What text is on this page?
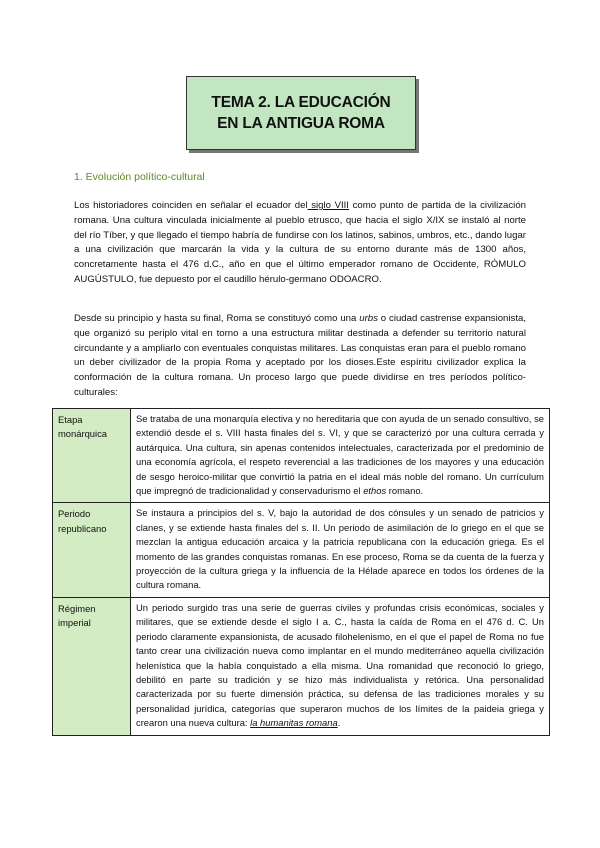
TEMA 2. LA EDUCACIÓN
EN LA ANTIGUA ROMA
1. Evolución político-cultural

Los historiadores coinciden en señalar el ecuador del siglo VIII como punto de partida de la civilización romana. Una cultura vinculada inicialmente al pueblo etrusco, que hacia el siglo X/IX se instaló al norte del río Tíber, y que llegado el tiempo habría de fundirse con los latinos, sabinos, umbros, etc., dando lugar a una civilización que marcarán la vida y la cultura de su entorno durante más de 1300 años, concretamente hasta el 476 d.C., año en que el último emperador romano de Occidente, RÓMULO AUGÚSTULO, fue depuesto por el caudillo hérulo-germano ODOACRO.

Desde su principio y hasta su final, Roma se constituyó como una urbs o ciudad castrense expansionista, que organizó su periplo vital en torno a una estructura militar destinada a defender su territorio natural circundante y a ampliarlo con eventuales conquistas militares. Las conquistas eran para el pueblo romano un deber civilizador de la propia Roma y aceptado por los dioses.Este espíritu civilizador explica la conformación de la cultura romana. Un proceso largo que puede dividirse en tres períodos político-culturales:

Etapa monárquica	Se trataba de una monarquía electiva y no hereditaria que con ayuda de un senado consultivo, se extendió desde el s. VIII hasta finales del s. VI, y que se caracterizó por una cultura cerrada y autárquica. Una cultura, sin apenas contenidos intelectuales, caracterizada por el predominio de una economía agrícola, el respeto reverencial a las tradiciones de los mayores y una educación de sesgo heroico-militar que convirtió la patria en el ideal más noble del romano. Un currículum que impregnó de tradicionalidad y conservadurismo el ethos romano.
Periodo republicano	Se instaura a principios del s. V, bajo la autoridad de dos cónsules y un senado de patricios y clanes, y se extiende hasta finales del s. II. Un periodo de asimilación de lo griego en el que se mezclan la antigua educación arcaica y la patricia republicana con la educación griega. Es el momento de las grandes conquistas romanas. En ese proceso, Roma se da cuenta de la fuerza y proyección de la cultura griega y la influencia de la Hélade aparece en todos los órdenes de la cultura romana.
Régimen imperial	Un periodo surgido tras una serie de guerras civiles y profundas crisis económicas, sociales y militares, que se extiende desde el siglo I a. C., hasta la caída de Roma en el 476 d. C. Un periodo claramente expansionista, de acusado filohelenismo, en el que el papel de Roma no fue tanto crear una civilización nueva como implantar en el mundo mediterráneo aquella civilización helenística que la había conquistado a ella misma. Una romanidad que reconoció lo griego, debilitó en parte su tradición y se hizo más individualista y retórica. Una personalidad caracterizada por su fuerte dimensión práctica, su defensa de las tradiciones morales y su personalidad jurídica, categorías que superaron muchos de los límites de la paideia griega y crearon una nueva cultura: la humanitas romana.
